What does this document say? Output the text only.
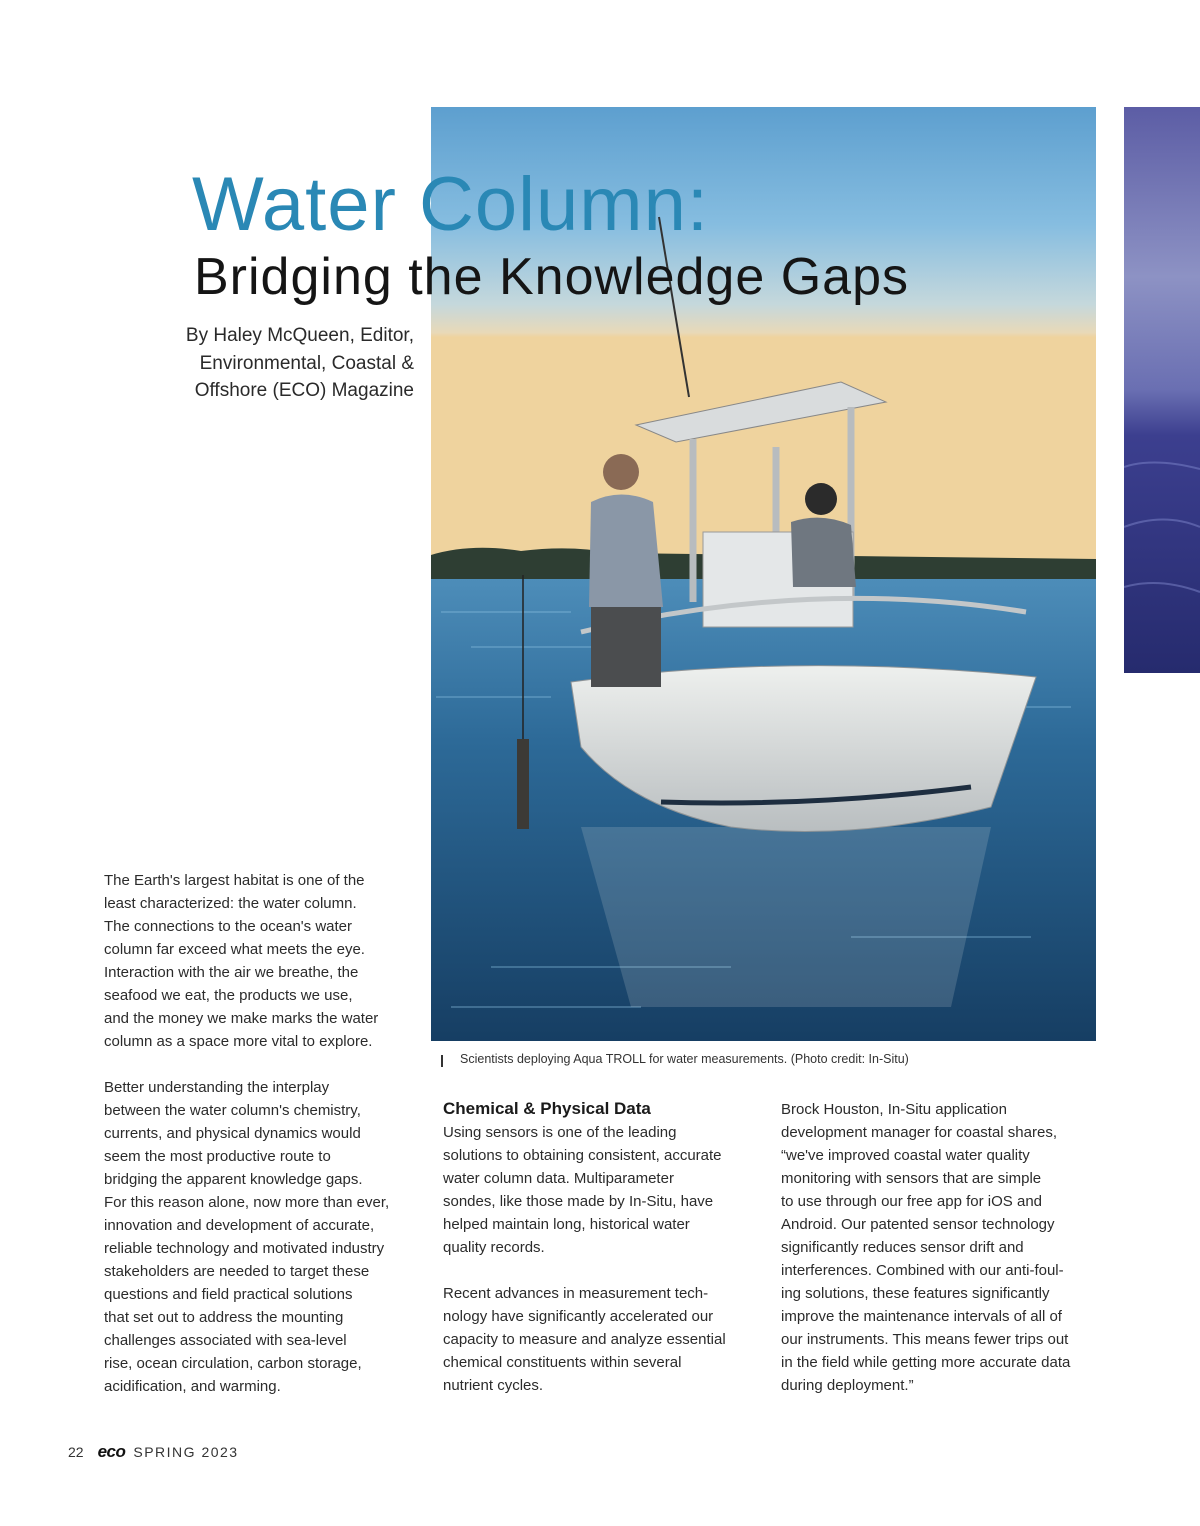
Water Column:
Bridging the Knowledge Gaps
By Haley McQueen, Editor,
Environmental, Coastal &
Offshore (ECO) Magazine
Scientists deploying Aqua TROLL for water measurements. (Photo credit: In-Situ)

The Earth's largest habitat is one of the
least characterized: the water column.
The connections to the ocean's water
column far exceed what meets the eye.
Interaction with the air we breathe, the
seafood we eat, the products we use,
and the money we make marks the water
column as a space more vital to explore.

Better understanding the interplay
between the water column's chemistry,
currents, and physical dynamics would
seem the most productive route to
bridging the apparent knowledge gaps.
For this reason alone, now more than ever,
innovation and development of accurate,
reliable technology and motivated industry
stakeholders are needed to target these
questions and field practical solutions
that set out to address the mounting
challenges associated with sea-level
rise, ocean circulation, carbon storage,
acidification, and warming.

Chemical & Physical Data

Using sensors is one of the leading
solutions to obtaining consistent, accurate
water column data. Multiparameter
sondes, like those made by In-Situ, have
helped maintain long, historical water
quality records.

Recent advances in measurement tech-
nology have significantly accelerated our
capacity to measure and analyze essential
chemical constituents within several
nutrient cycles.

Brock Houston, In-Situ application
development manager for coastal shares,
“we've improved coastal water quality
monitoring with sensors that are simple
to use through our free app for iOS and
Android. Our patented sensor technology
significantly reduces sensor drift and
interferences. Combined with our anti-foul-
ing solutions, these features significantly
improve the maintenance intervals of all of
our instruments. This means fewer trips out
in the field while getting more accurate data
during deployment.”

22 eco SPRING 2023
